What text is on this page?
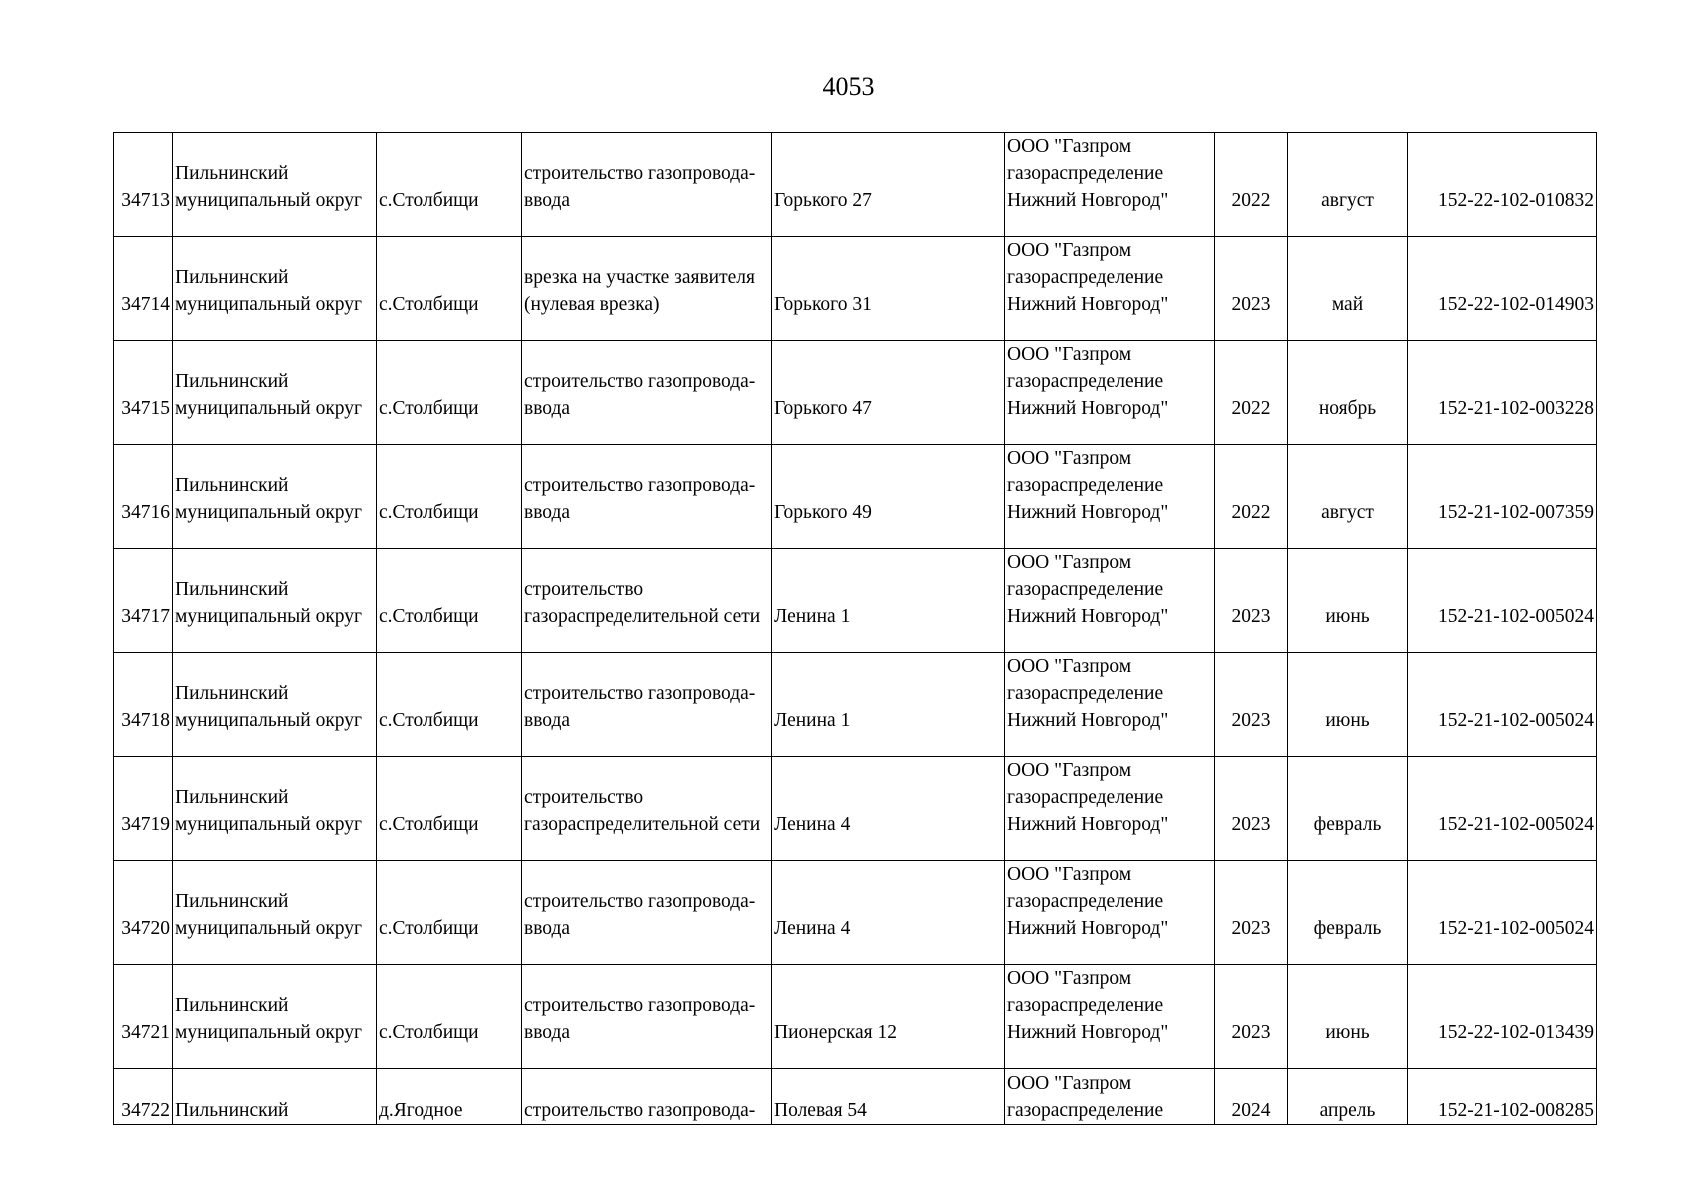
4053
34713	Пильнинский муниципальный округ	с.Столбищи	строительство газопровода-ввода	Горького 27	ООО "Газпром газораспределение Нижний Новгород"	2022	август	152-22-102-010832
34714	Пильнинский муниципальный округ	с.Столбищи	врезка на участке заявителя (нулевая врезка)	Горького 31	ООО "Газпром газораспределение Нижний Новгород"	2023	май	152-22-102-014903
34715	Пильнинский муниципальный округ	с.Столбищи	строительство газопровода-ввода	Горького 47	ООО "Газпром газораспределение Нижний Новгород"	2022	ноябрь	152-21-102-003228
34716	Пильнинский муниципальный округ	с.Столбищи	строительство газопровода-ввода	Горького 49	ООО "Газпром газораспределение Нижний Новгород"	2022	август	152-21-102-007359
34717	Пильнинский муниципальный округ	с.Столбищи	строительство газораспределительной сети	Ленина 1	ООО "Газпром газораспределение Нижний Новгород"	2023	июнь	152-21-102-005024
34718	Пильнинский муниципальный округ	с.Столбищи	строительство газопровода-ввода	Ленина 1	ООО "Газпром газораспределение Нижний Новгород"	2023	июнь	152-21-102-005024
34719	Пильнинский муниципальный округ	с.Столбищи	строительство газораспределительной сети	Ленина 4	ООО "Газпром газораспределение Нижний Новгород"	2023	февраль	152-21-102-005024
34720	Пильнинский муниципальный округ	с.Столбищи	строительство газопровода-ввода	Ленина 4	ООО "Газпром газораспределение Нижний Новгород"	2023	февраль	152-21-102-005024
34721	Пильнинский муниципальный округ	с.Столбищи	строительство газопровода-ввода	Пионерская 12	ООО "Газпром газораспределение Нижний Новгород"	2023	июнь	152-22-102-013439
34722	Пильнинский	д.Ягодное	строительство газопровода-	Полевая 54	ООО "Газпром газораспределение	2024	апрель	152-21-102-008285
